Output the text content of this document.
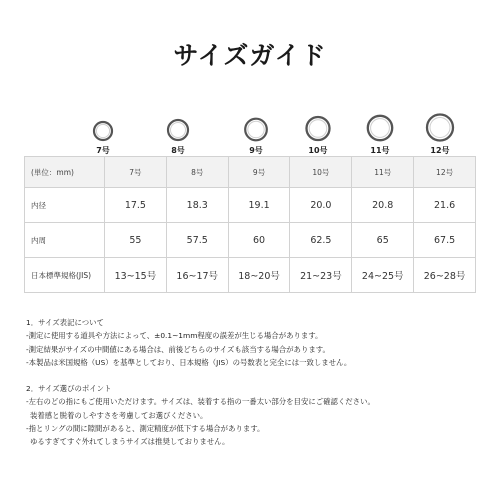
サイズガイド
7号	8号	9号	10号	11号	12号
(単位：mm)	7号	8号	9号	10号	11号	12号
内径	17.5	18.3	19.1	20.0	20.8	21.6
内周	55	57.5	60	62.5	65	67.5
日本標準規格(JIS)	13~15号	16~17号	18~20号	21~23号	24~25号	26~28号
1．サイズ表記について
-測定に使用する道具や方法によって、±0.1~1mm程度の誤差が生じる場合があります。
-測定結果がサイズの中間値にある場合は、前後どちらのサイズも該当する場合があります。
-本製品は米国規格（US）を基準としており、日本規格（JIS）の号数表と完全には一致しません。
2．サイズ選びのポイント
-左右のどの指にもご使用いただけます。サイズは、装着する指の一番太い部分を目安にご確認ください。
装着感と脱着のしやすさを考慮してお選びください。
-指とリングの間に隙間があると、測定精度が低下する場合があります。
ゆるすぎてすぐ外れてしまうサイズは推奨しておりません。
